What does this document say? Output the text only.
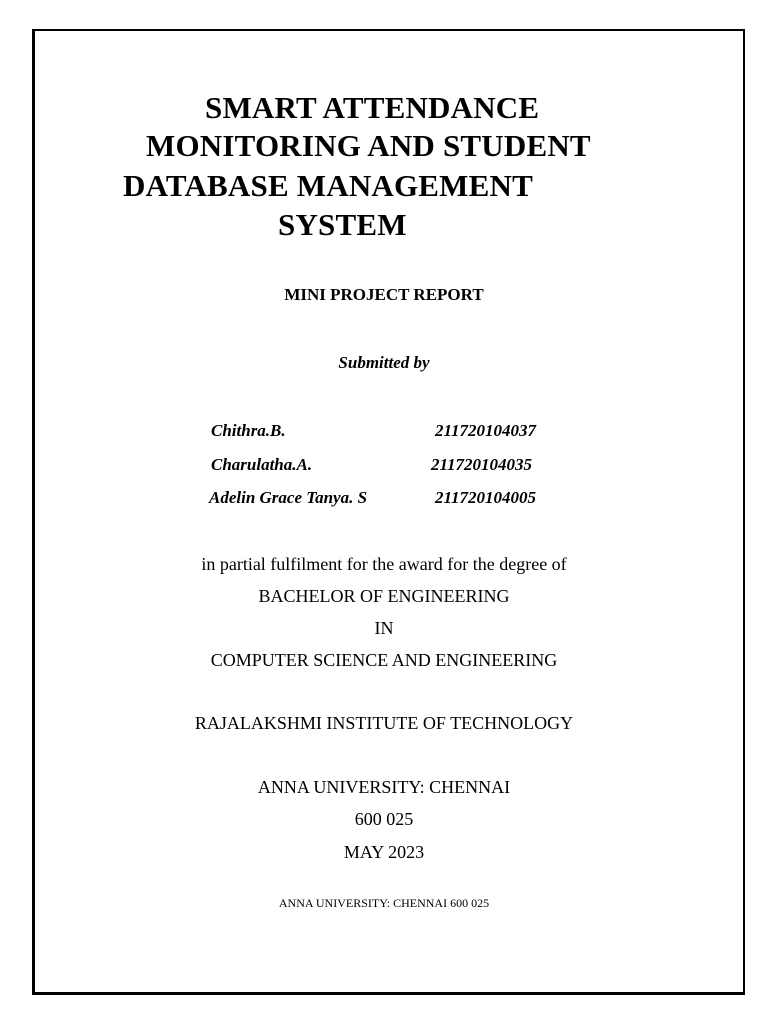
SMART ATTENDANCE
MONITORING AND STUDENT
DATABASE MANAGEMENT
SYSTEM
MINI PROJECT REPORT
Submitted by
Chithra.B.	211720104037
Charulatha.A.	211720104035
Adelin Grace Tanya. S	211720104005
in partial fulfilment for the award for the degree of
BACHELOR OF ENGINEERING
IN
COMPUTER SCIENCE AND ENGINEERING
RAJALAKSHMI INSTITUTE OF TECHNOLOGY
ANNA UNIVERSITY: CHENNAI
600 025
MAY 2023
ANNA UNIVERSITY: CHENNAI 600 025
